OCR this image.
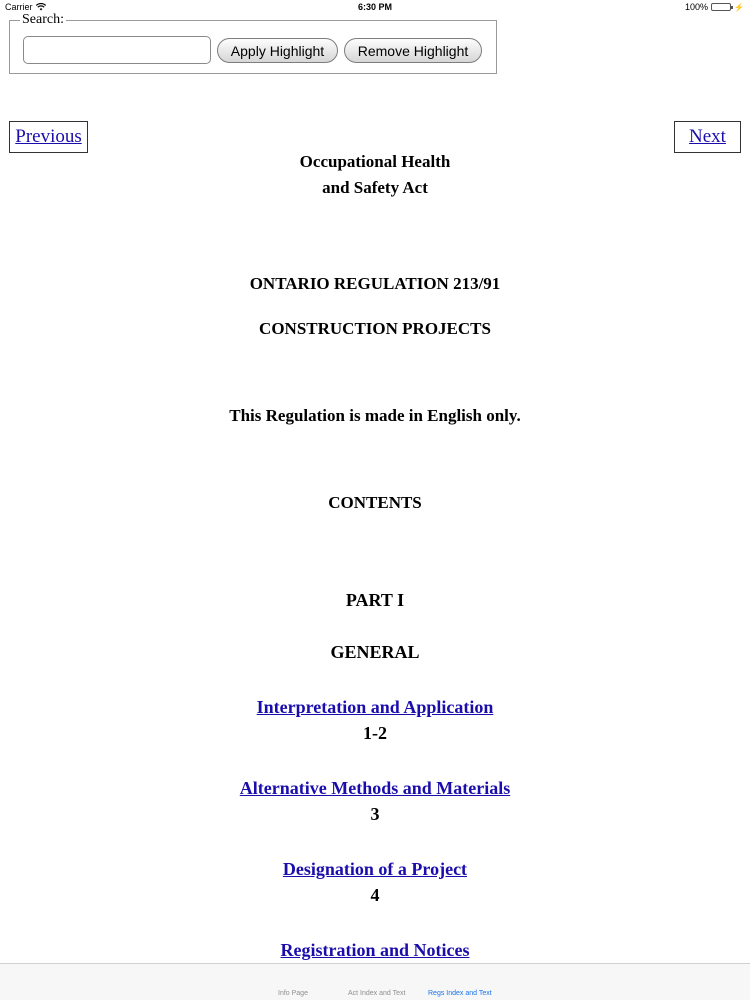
Carrier	6:30 PM	100%	⚡
Search:
Apply Highlight	Remove Highlight
Previous	Next
Occupational Health
and Safety Act
ONTARIO REGULATION 213/91
CONSTRUCTION PROJECTS
This Regulation is made in English only.
CONTENTS
PART I
GENERAL
Interpretation and Application
1-2
Alternative Methods and Materials
3
Designation of a Project
4
Registration and Notices
Info Page	Act Index and Text	Regs Index and Text
